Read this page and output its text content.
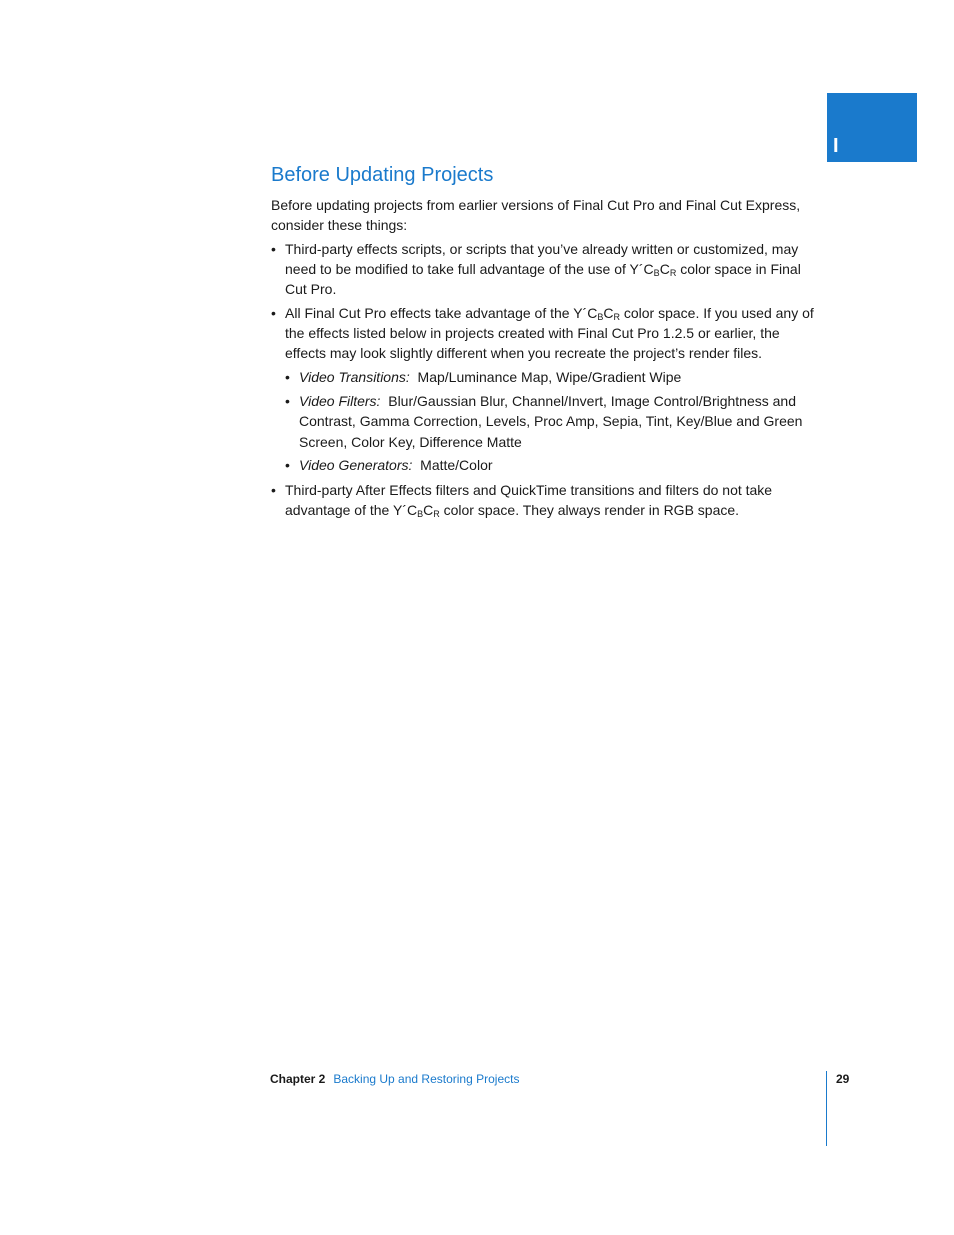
I
Before Updating Projects

Before updating projects from earlier versions of Final Cut Pro and Final Cut Express, consider these things:

• Third-party effects scripts, or scripts that you’ve already written or customized, may need to be modified to take full advantage of the use of $Y´C_BC_R$ color space in Final Cut Pro.
• All Final Cut Pro effects take advantage of the $Y´C_BC_R$ color space. If you used any of the effects listed below in projects created with Final Cut Pro 1.2.5 or earlier, the effects may look slightly different when you recreate the project’s render files.
• Video Transitions: Map/Luminance Map, Wipe/Gradient Wipe
• Video Filters: Blur/Gaussian Blur, Channel/Invert, Image Control/Brightness and Contrast, Gamma Correction, Levels, Proc Amp, Sepia, Tint, Key/Blue and Green Screen, Color Key, Difference Matte
• Video Generators: Matte/Color
• Third-party After Effects filters and QuickTime transitions and filters do not take advantage of the $Y´C_BC_R$ color space. They always render in RGB space.
Chapter 2 Backing Up and Restoring Projects	29
